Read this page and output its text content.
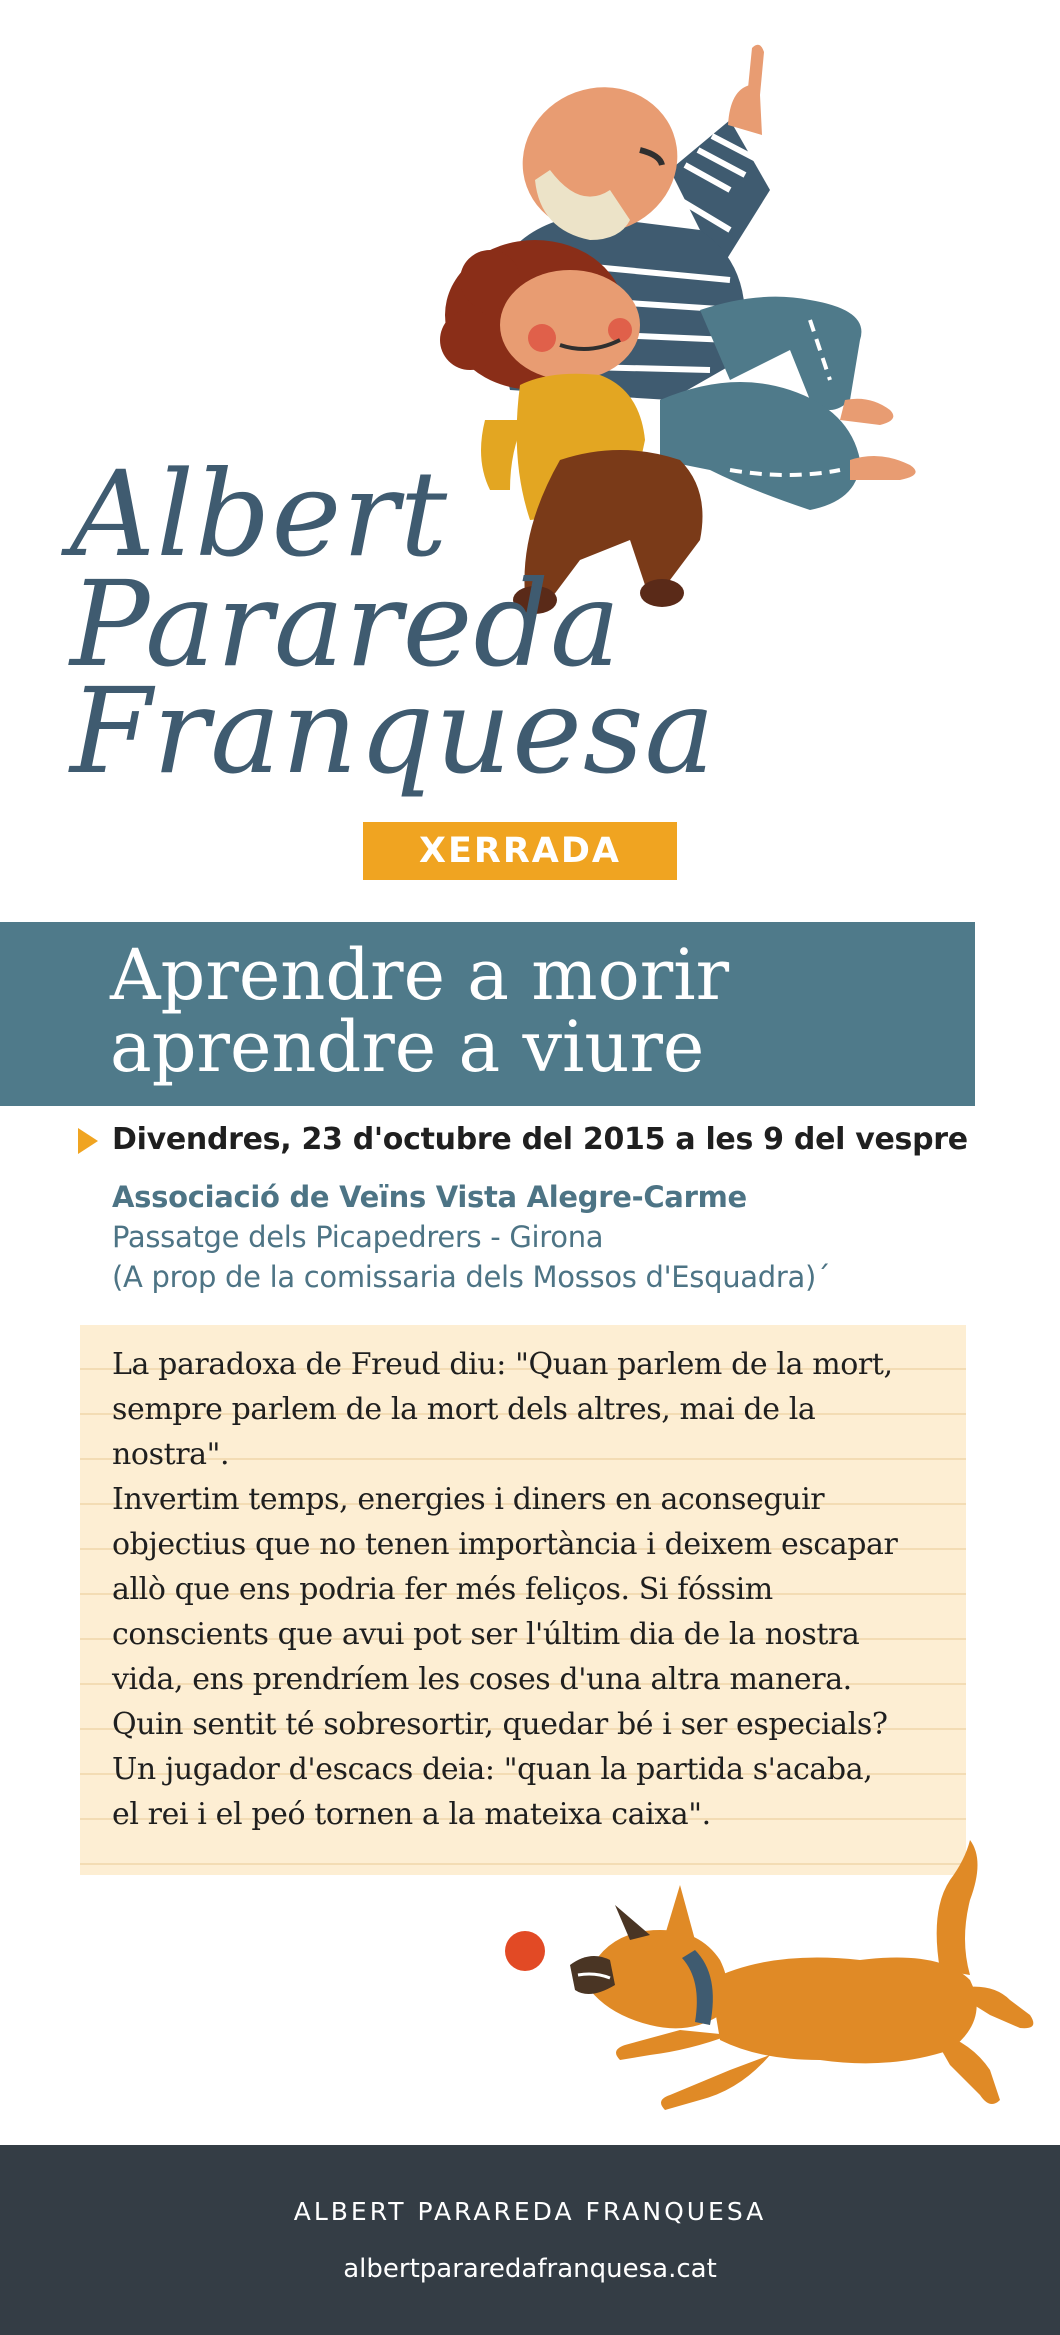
Albert
Parareda
Franquesa
XERRADA
Aprendre a morir
aprendre a viure
Divendres, 23 d'octubre del 2015 a les 9 del vespre
Associació de Veïns Vista Alegre-Carme
Passatge dels Picapedrers - Girona
(A prop de la comissaria dels Mossos d'Esquadra)´
La paradoxa de Freud diu: "Quan parlem de la mort,
sempre parlem de la mort dels altres, mai de la
nostra".
Invertim temps, energies i diners en aconseguir
objectius que no tenen importància i deixem escapar
allò que ens podria fer més feliços. Si fóssim
conscients que avui pot ser l'últim dia de la nostra
vida, ens prendríem les coses d'una altra manera.
Quin sentit té sobresortir, quedar bé i ser especials?
Un jugador d'escacs deia: "quan la partida s'acaba,
el rei i el peó tornen a la mateixa caixa".
ALBERT PARAREDA FRANQUESA
albertpararedafranquesa.cat
